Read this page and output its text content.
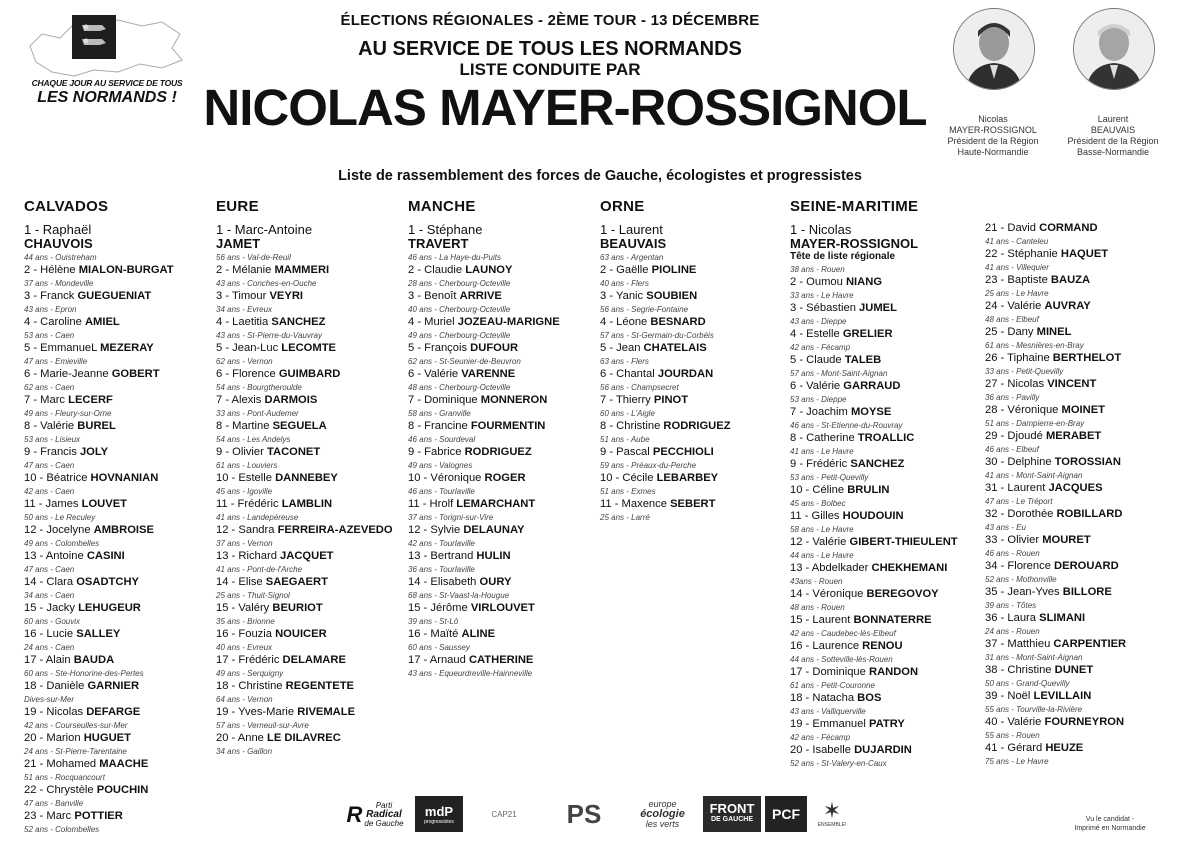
CHAQUE JOUR AU SERVICE DE TOUS
LES NORMANDS !
ÉLECTIONS RÉGIONALES - 2ÈME TOUR - 13 DÉCEMBRE
AU SERVICE DE TOUS LES NORMANDS
LISTE CONDUITE PAR
NICOLAS MAYER-ROSSIGNOL
Liste de rassemblement des forces de Gauche, écologistes et progressistes
Nicolas
MAYER-ROSSIGNOL
Président de la Région
Haute-Normandie
Laurent
BEAUVAIS
Président de la Région
Basse-Normandie
CALVADOS
1 - Raphaël
CHAUVOIS
44 ans - Ouistreham
2 - Hélène MIALON-BURGAT
37 ans - Mondeville
3 - Franck GUEGUENIAT
43 ans - Epron
4 - Caroline AMIEL
53 ans - Caen
5 - EmmanueL MEZERAY
47 ans - Emieville
6 - Marie-Jeanne GOBERT
62 ans - Caen
7 - Marc LECERF
49 ans - Fleury-sur-Orne
8 - Valérie BUREL
53 ans - Lisieux
9 - Francis JOLY
47 ans - Caen
10 - Béatrice HOVNANIAN
42 ans - Caen
11 - James LOUVET
50 ans - Le Reculey
12 - Jocelyne AMBROISE
49 ans - Colombelles
13 - Antoine CASINI
47 ans - Caen
14 - Clara OSADTCHY
34 ans - Caen
15 - Jacky LEHUGEUR
60 ans - Gouvix
16 - Lucie SALLEY
24 ans - Caen
17 - Alain BAUDA
60 ans - Ste-Honorine-des-Pertes
18 - Danièle GARNIER
Dives-sur-Mer
19 - Nicolas DEFARGE
42 ans - Courseulles-sur-Mer
20 - Marion HUGUET
24 ans - St-Pierre-Tarentaine
21 - Mohamed MAACHE
51 ans - Rocquancourt
22 - Chrystèle POUCHIN
47 ans - Banville
23 - Marc POTTIER
52 ans - Colombelles
EURE
1 - Marc-Antoine
JAMET
56 ans - Val-de-Reuil
2 - Mélanie MAMMERI
43 ans - Conches-en-Ouche
3 - Timour VEYRI
34 ans - Evreux
4 - Laetitia SANCHEZ
43 ans - St-Pierre-du-Vauvray
5 - Jean-Luc LECOMTE
62 ans - Vernon
6 - Florence GUIMBARD
54 ans - Bourgtheroulde
7 - Alexis DARMOIS
33 ans - Pont-Audemer
8 - Martine SEGUELA
54 ans - Les Andelys
9 - Olivier TACONET
61 ans - Louviers
10 - Estelle DANNEBEY
45 ans - Igoville
11 - Frédéric LAMBLIN
41 ans - Landepéreuse
12 - Sandra FERREIRA-AZEVEDO
37 ans - Vernon
13 - Richard JACQUET
41 ans - Pont-de-l'Arche
14 - Elise SAEGAERT
25 ans - Thuit-Signol
15 - Valéry BEURIOT
35 ans - Brionne
16 - Fouzia NOUICER
40 ans - Evreux
17 - Frédéric DELAMARE
49 ans - Serquigny
18 - Christine REGENTETE
64 ans - Vernon
19 - Yves-Marie RIVEMALE
57 ans - Verneuil-sur-Avre
20 - Anne LE DILAVREC
34 ans - Gaillon
MANCHE
1 - Stéphane
TRAVERT
46 ans - La Haye-du-Puits
2 - Claudie LAUNOY
28 ans - Cherbourg-Octeville
3 - Benoît ARRIVE
40 ans - Cherbourg-Octeville
4 - Muriel JOZEAU-MARIGNE
49 ans - Cherbourg-Octeville
5 - François DUFOUR
62 ans - St-Seunier-de-Beuvron
6 - Valérie VARENNE
48 ans - Cherbourg-Octeville
7 - Dominique MONNERON
58 ans - Granville
8 - Francine FOURMENTIN
46 ans - Sourdeval
9 - Fabrice RODRIGUEZ
49 ans - Valognes
10 - Véronique ROGER
46 ans - Tourlaville
11 - Hrolf LEMARCHANT
37 ans - Torigni-sur-Vire
12 - Sylvie DELAUNAY
42 ans - Tourlaville
13 - Bertrand HULIN
36 ans - Tourlaville
14 - Elisabeth OURY
68 ans - St-Vaast-la-Hougue
15 - Jérôme VIRLOUVET
39 ans - St-Lô
16 - Maïté ALINE
60 ans - Saussey
17 - Arnaud CATHERINE
43 ans - Equeurdreville-Hainneville
ORNE
1 - Laurent
BEAUVAIS
63 ans - Argentan
2 - Gaëlle PIOLINE
40 ans - Flers
3 - Yanic SOUBIEN
56 ans - Segrie-Fontaine
4 - Léone BESNARD
57 ans - St-Germain-du-Corbéis
5 - Jean CHATELAIS
63 ans - Flers
6 - Chantal JOURDAN
56 ans - Champsecret
7 - Thierry PINOT
60 ans - L'Aigle
8 - Christine RODRIGUEZ
51 ans - Aube
9 - Pascal PECCHIOLI
59 ans - Préaux-du-Perche
10 - Cécile LEBARBEY
51 ans - Exmes
11 - Maxence SEBERT
25 ans - Larré
SEINE-MARITIME
1 - Nicolas
MAYER-ROSSIGNOL
Tête de liste régionale
38 ans - Rouen
2 - Oumou NIANG
33 ans - Le Havre
3 - Sébastien JUMEL
43 ans - Dieppe
4 - Estelle GRELIER
42 ans - Fécamp
5 - Claude TALEB
57 ans - Mont-Saint-Aignan
6 - Valérie GARRAUD
53 ans - Dieppe
7 - Joachim MOYSE
46 ans - St-Etienne-du-Rouvray
8 - Catherine TROALLIC
41 ans - Le Havre
9 - Frédéric SANCHEZ
53 ans - Petit-Quevilly
10 - Céline BRULIN
45 ans - Bolbec
11 - Gilles HOUDOUIN
58 ans - Le Havre
12 - Valérie GIBERT-THIEULENT
44 ans - Le Havre
13 - Abdelkader CHEKHEMANI
43ans - Rouen
14 - Véronique BEREGOVOY
48 ans - Rouen
15 - Laurent BONNATERRE
42 ans - Caudebec-lès-Elbeuf
16 - Laurence RENOU
44 ans - Sotteville-lès-Rouen
17 - Dominique RANDON
61 ans - Petit-Couronne
18 - Natacha BOS
43 ans - Valliquerville
19 - Emmanuel PATRY
42 ans - Fécamp
20 - Isabelle DUJARDIN
52 ans - St-Valery-en-Caux
21 - David CORMAND
41 ans - Canteleu
22 - Stéphanie HAQUET
41 ans - Villequier
23 - Baptiste BAUZA
25 ans - Le Havre
24 - Valérie AUVRAY
48 ans - Elbeuf
25 - Dany MINEL
61 ans - Mesnières-en-Bray
26 - Tiphaine BERTHELOT
33 ans - Petit-Quevilly
27 - Nicolas VINCENT
36 ans - Pavilly
28 - Véronique MOINET
51 ans - Dampierre-en-Bray
29 - Djoudé MERABET
46 ans - Elbeuf
30 - Delphine TOROSSIAN
41 ans - Mont-Saint-Aignan
31 - Laurent JACQUES
47 ans - Le Tréport
32 - Dorothée ROBILLARD
43 ans - Eu
33 - Olivier MOURET
46 ans - Rouen
34 - Florence DEROUARD
52 ans - Mothonville
35 - Jean-Yves BILLORE
39 ans - Tôtes
36 - Laura SLIMANI
24 ans - Rouen
37 - Matthieu CARPENTIER
31 ans - Mont-Saint-Aignan
38 - Christine DUNET
50 ans - Grand-Quevilly
39 - Noël LEVILLAIN
55 ans - Tourville-la-Rivière
40 - Valérie FOURNEYRON
55 ans - Rouen
41 - Gérard HEUZE
75 ans - Le Havre
R	Parti
Radical
de Gauche
mdP
progressistes
CAP21 PS	europe
écologie
les verts
FRONT
DE GAUCHE PCF ✶
ENSEMBLE!
Vu le candidat -
Imprimé en Normandie
